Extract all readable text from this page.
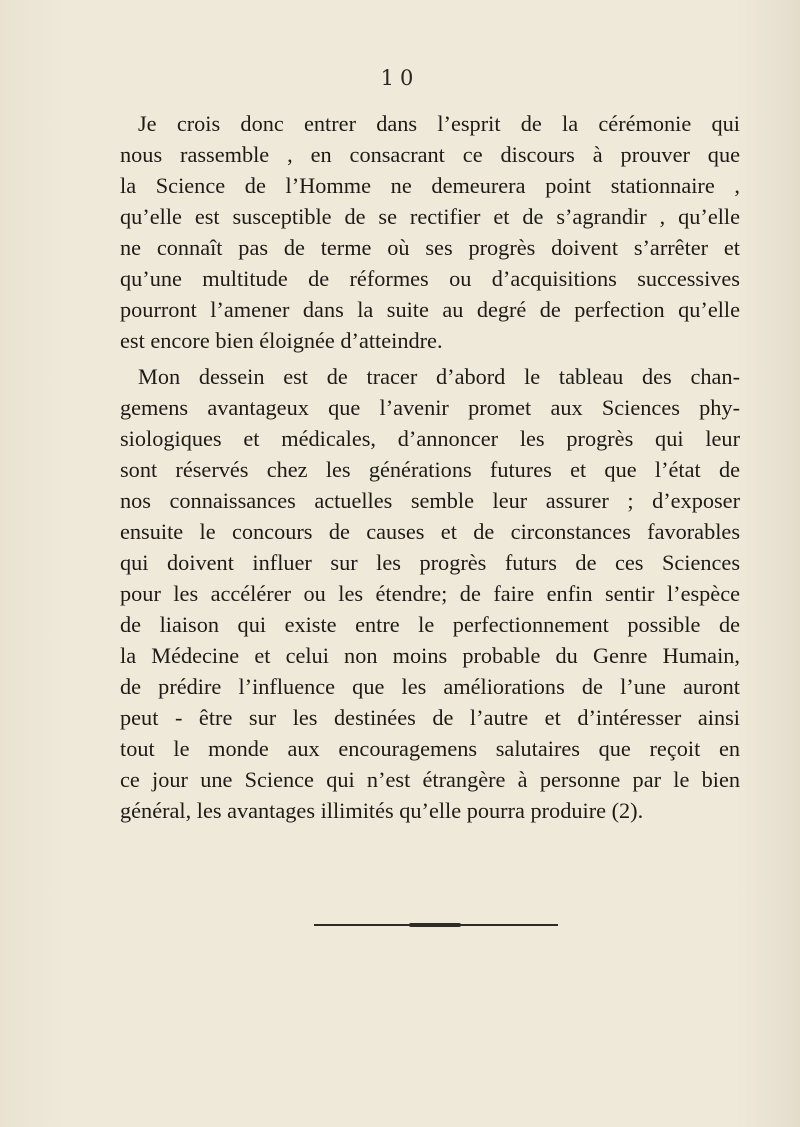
10
Je crois donc entrer dans l’esprit de la cérémonie qui
nous rassemble , en consacrant ce discours à prouver que
la Science de l’Homme ne demeurera point stationnaire ,
qu’elle est susceptible de se rectifier et de s’agrandir , qu’elle
ne connaît pas de terme où ses progrès doivent s’arrêter et
qu’une multitude de réformes ou d’acquisitions successives
pourront l’amener dans la suite au degré de perfection qu’elle
est encore bien éloignée d’atteindre.
Mon dessein est de tracer d’abord le tableau des chan-
gemens avantageux que l’avenir promet aux Sciences phy-
siologiques et médicales, d’annoncer les progrès qui leur
sont réservés chez les générations futures et que l’état de
nos connaissances actuelles semble leur assurer ; d’exposer
ensuite le concours de causes et de circonstances favorables
qui doivent influer sur les progrès futurs de ces Sciences
pour les accélérer ou les étendre; de faire enfin sentir l’espèce
de liaison qui existe entre le perfectionnement possible de
la Médecine et celui non moins probable du Genre Humain,
de prédire l’influence que les améliorations de l’une auront
peut - être sur les destinées de l’autre et d’intéresser ainsi
tout le monde aux encouragemens salutaires que reçoit en
ce jour une Science qui n’est étrangère à personne par le bien
général, les avantages illimités qu’elle pourra produire (2).
